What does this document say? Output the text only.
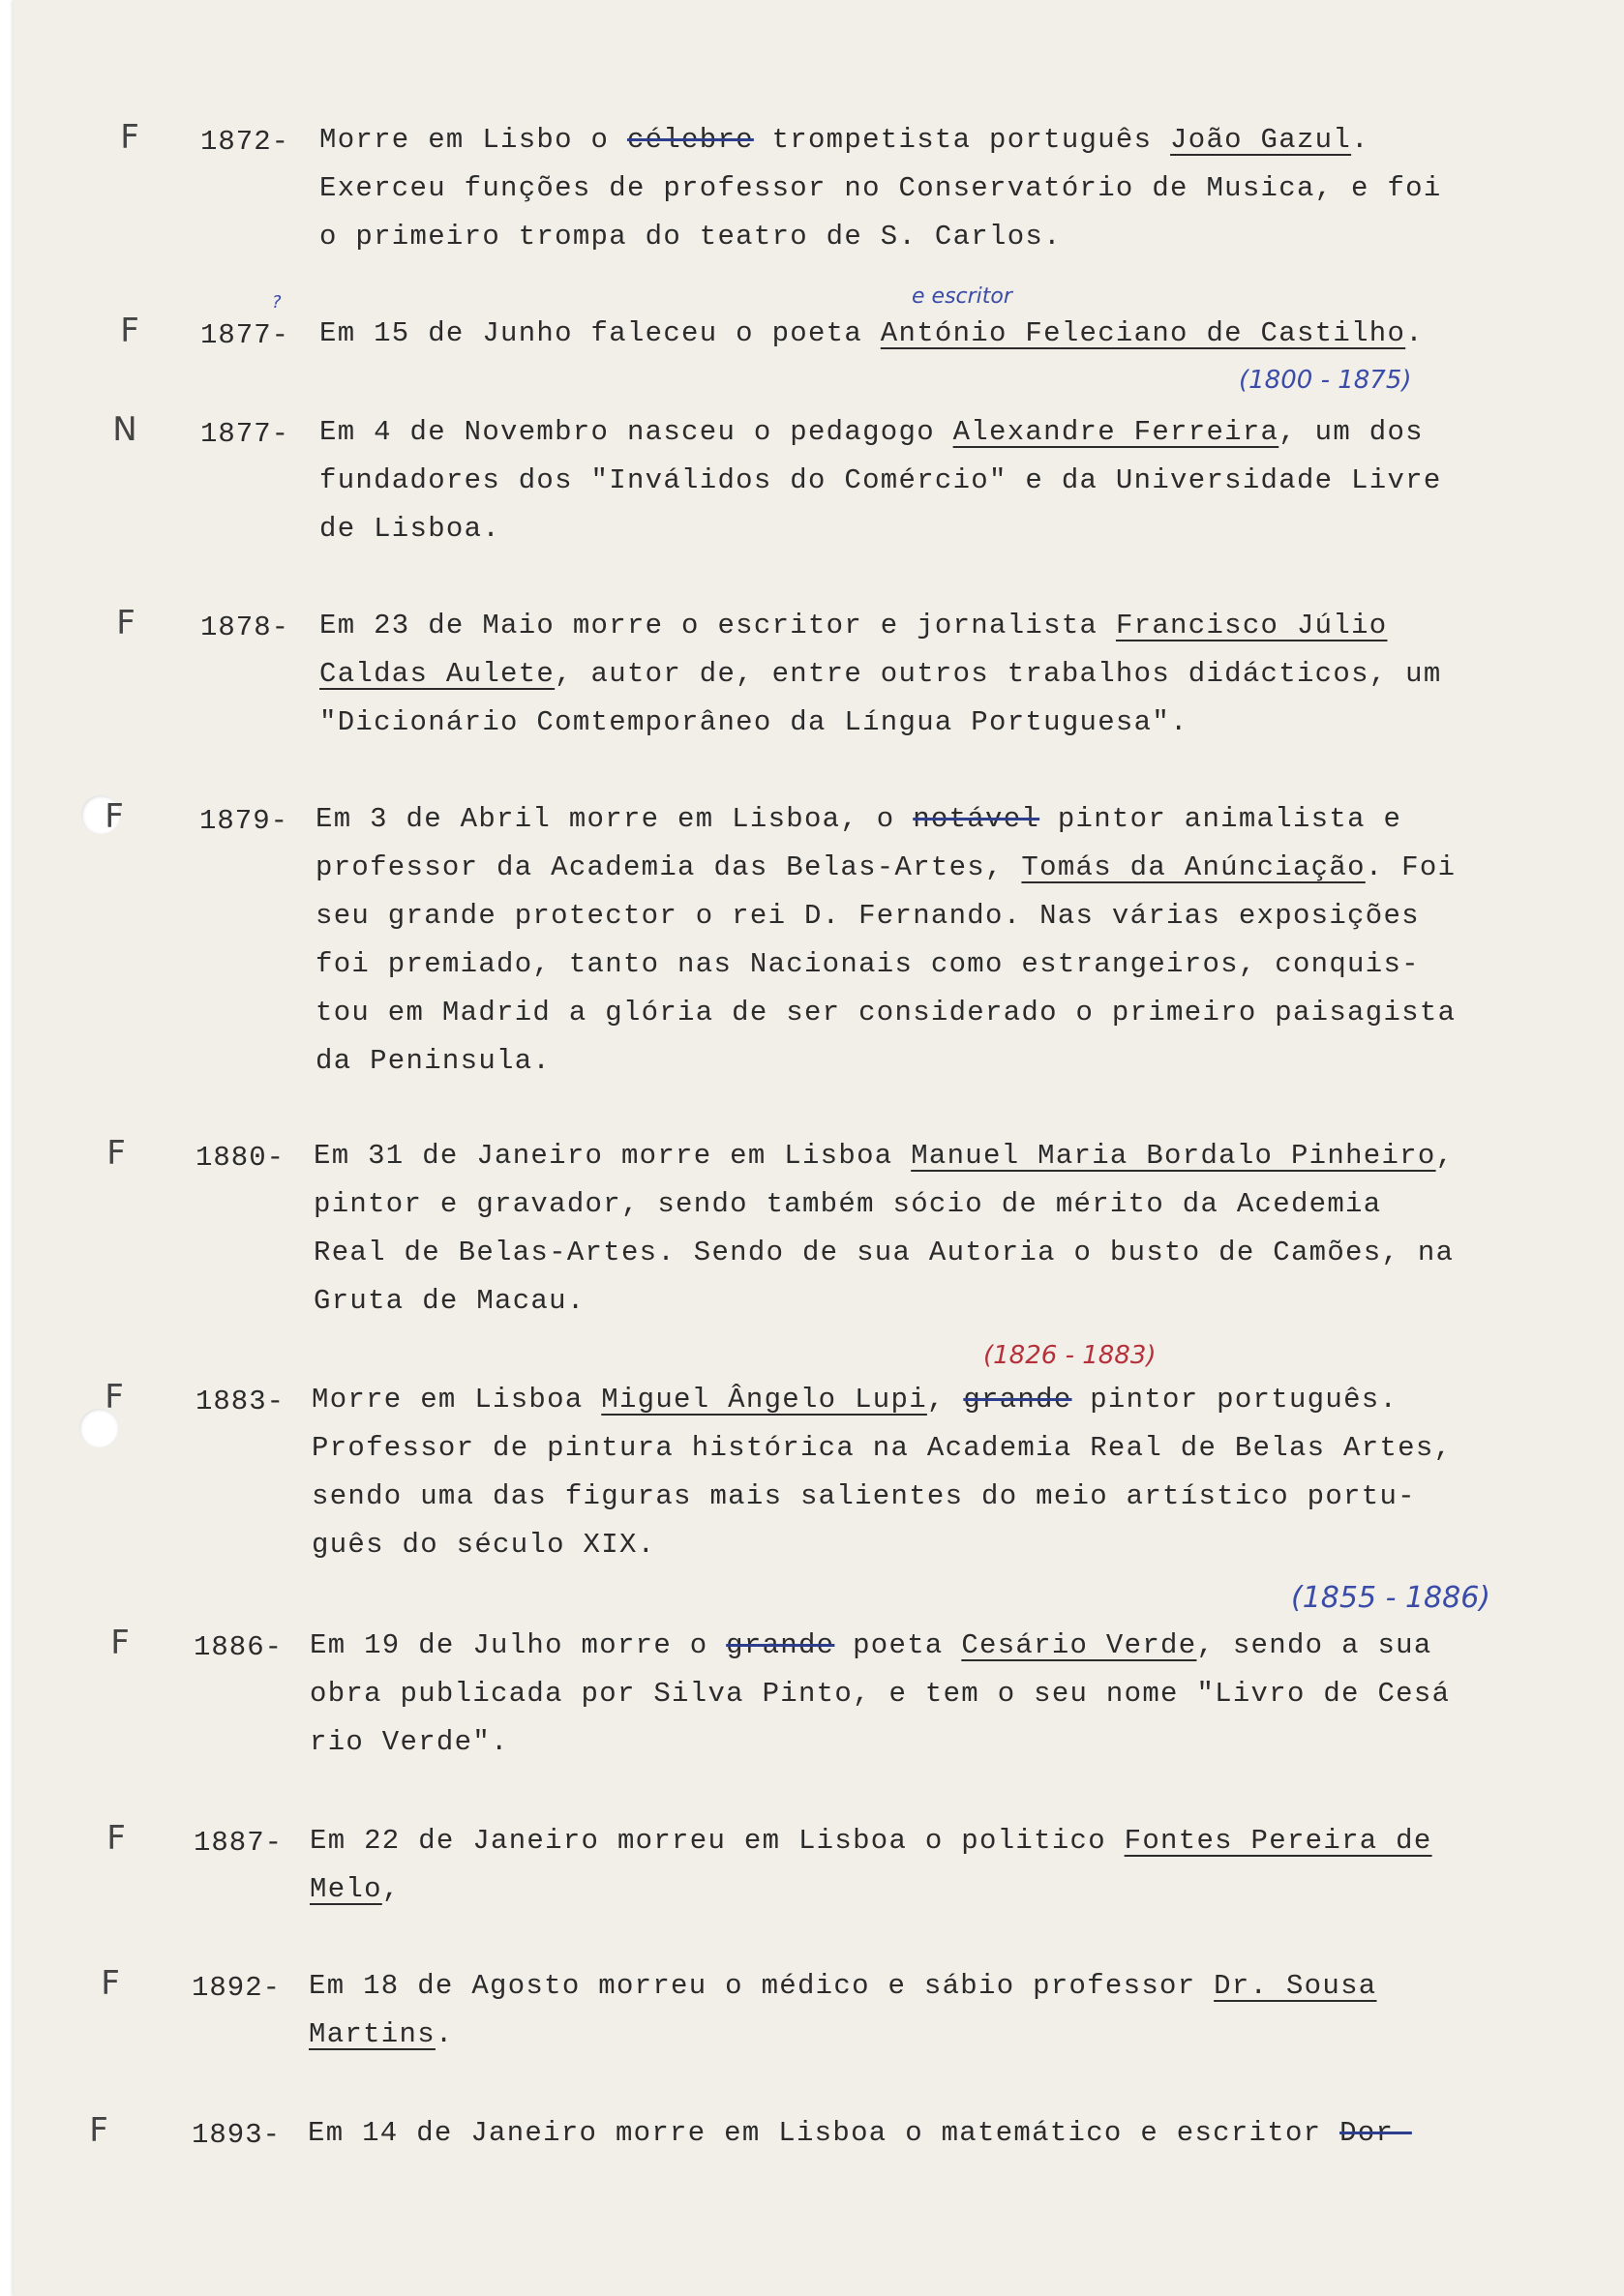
F	1872- Morre em Lisbo o célebre trompetista português João Gazul.
Exerceu funções de professor no Conservatório de Musica, e foi
o primeiro trompa do teatro de S. Carlos.
F	1877- Em 15 de Junho faleceu o poeta António Feleciano de Castilho.
?	e escritor
(1800 - 1875)
N	1877- Em 4 de Novembro nasceu o pedagogo Alexandre Ferreira, um dos
fundadores dos "Inválidos do Comércio" e da Universidade Livre
de Lisboa.
F	1878- Em 23 de Maio morre o escritor e jornalista Francisco Júlio
Caldas Aulete, autor de, entre outros trabalhos didácticos, um
"Dicionário Comtemporâneo da Língua Portuguesa".
F	1879- Em 3 de Abril morre em Lisboa, o notável pintor animalista e
professor da Academia das Belas-Artes, Tomás da Anúnciação. Foi
seu grande protector o rei D. Fernando. Nas várias exposições
foi premiado, tanto nas Nacionais como estrangeiros, conquis-
tou em Madrid a glória de ser considerado o primeiro paisagista
da Peninsula.
F	1880- Em 31 de Janeiro morre em Lisboa Manuel Maria Bordalo Pinheiro,
pintor e gravador, sendo também sócio de mérito da Acedemia
Real de Belas-Artes. Sendo de sua Autoria o busto de Camões, na
Gruta de Macau.
F	1883- Morre em Lisboa Miguel Ângelo Lupi, grande pintor português.
Professor de pintura histórica na Academia Real de Belas Artes,
sendo uma das figuras mais salientes do meio artístico portu-
guês do século XIX.
(1826 - 1883)
F	1886- Em 19 de Julho morre o grande poeta Cesário Verde, sendo a sua
obra publicada por Silva Pinto, e tem o seu nome "Livro de Cesá
rio Verde".
(1855 - 1886)
F	1887- Em 22 de Janeiro morreu em Lisboa o politico Fontes Pereira de
Melo,
F	1892- Em 18 de Agosto morreu o médico e sábio professor Dr. Sousa
Martins.
F	1893- Em 14 de Janeiro morre em Lisboa o matemático e escritor Dor-
